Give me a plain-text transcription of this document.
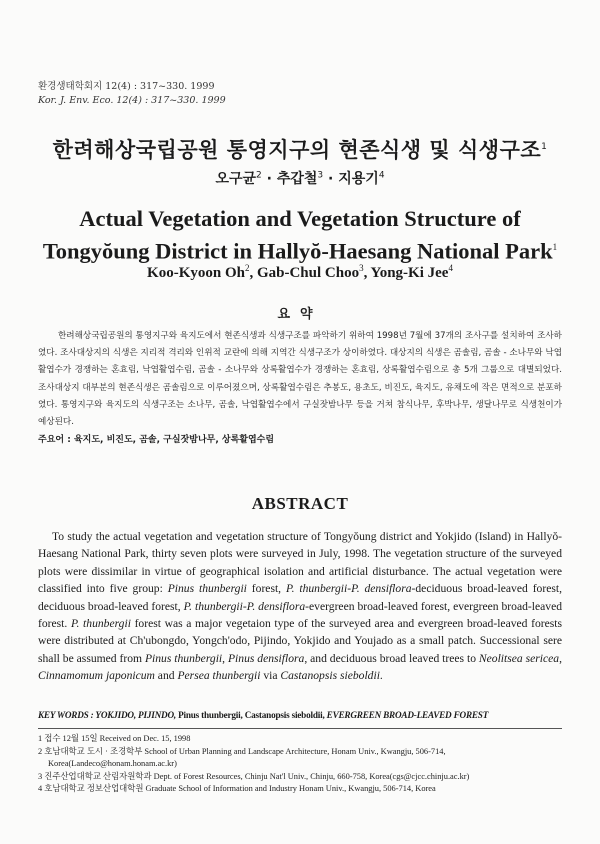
환경생태학회지 12(4) : 317~330. 1999
Kor. J. Env. Eco. 12(4) : 317~330. 1999
한려해상국립공원 통영지구의 현존식생 및 식생구조$^1$
오구균$^2$ · 추갑철$^3$ · 지용기$^4$
Actual Vegetation and Vegetation Structure of
Tongyŏung District in Hallyŏ-Haesang National Park$^1$
Koo-Kyoon Oh$^2$, Gab-Chul Choo$^3$, Yong-Ki Jee$^4$
요약
한려해상국립공원의 통영지구와 육지도에서 현존식생과 식생구조를 파악하기 위하여 1998년 7월에 37개의 조사구를 설치하여 조사하였다. 조사대상지의 식생은 지리적 격리와 인위적 교란에 의해 지역간 식생구조가 상이하였다. 대상지의 식생은 곰솔림, 곰솔 - 소나무와 낙엽활엽수가 경쟁하는 혼효림, 낙엽활엽수림, 곰솔 - 소나무와 상록활엽수가 경쟁하는 혼효림, 상록활엽수림으로 총 5개 그룹으로 대별되었다. 조사대상지 대부분의 현존식생은 곰솔림으로 이루어졌으며, 상록활엽수림은 추봉도, 용초도, 비진도, 육지도, 유채도에 작은 면적으로 분포하였다. 통영지구와 육지도의 식생구조는 소나무, 곰솔, 낙엽활엽수에서 구실잣밤나무 등을 거쳐 참식나무, 후박나무, 생달나무로 식생천이가 예상된다.
주요어 : 육지도, 비진도, 곰솔, 구실잣밤나무, 상록활엽수림
ABSTRACT
To study the actual vegetation and vegetation structure of Tongyŏung district and Yokjido (Island) in Hallyŏ-Haesang National Park, thirty seven plots were surveyed in July, 1998. The vegetation structure of the surveyed plots were dissimilar in virtue of geographical isolation and artificial disturbance. The actual vegetation were classified into five group: Pinus thunbergii forest, P. thunbergii-P. densiflora-deciduous broad-leaved forest, deciduous broad-leaved forest, P. thunbergii-P. densiflora-evergreen broad-leaved forest, evergreen broad-leaved forest. P. thunbergii forest was a major vegetaion type of the surveyed area and evergreen broad-leaved forests were distributed at Ch'ubongdo, Yongch'odo, Pijindo, Yokjido and Youjado as a small patch. Successional sere shall be assumed from Pinus thunbergii, Pinus densiflora, and deciduous broad leaved trees to Neolitsea sericea, Cinnamomum japonicum and Persea thunbergii via Castanopsis sieboldii.
KEY WORDS : YOKJIDO, PIJINDO, Pinus thunbergii, Castanopsis sieboldii, EVERGREEN BROAD-LEAVED FOREST
1 접수 12월 15일 Received on Dec. 15, 1998
2 호남대학교 도시 · 조경학부 School of Urban Planning and Landscape Architecture, Honam Univ., Kwangju, 506-714, Korea(Landeco@honam.honam.ac.kr)
3 진주산업대학교 산림자원학과 Dept. of Forest Resources, Chinju Nat'l Univ., Chinju, 660-758, Korea(cgs@cjcc.chinju.ac.kr)
4 호남대학교 정보산업대학원 Graduate School of Information and Industry Honam Univ., Kwangju, 506-714, Korea
